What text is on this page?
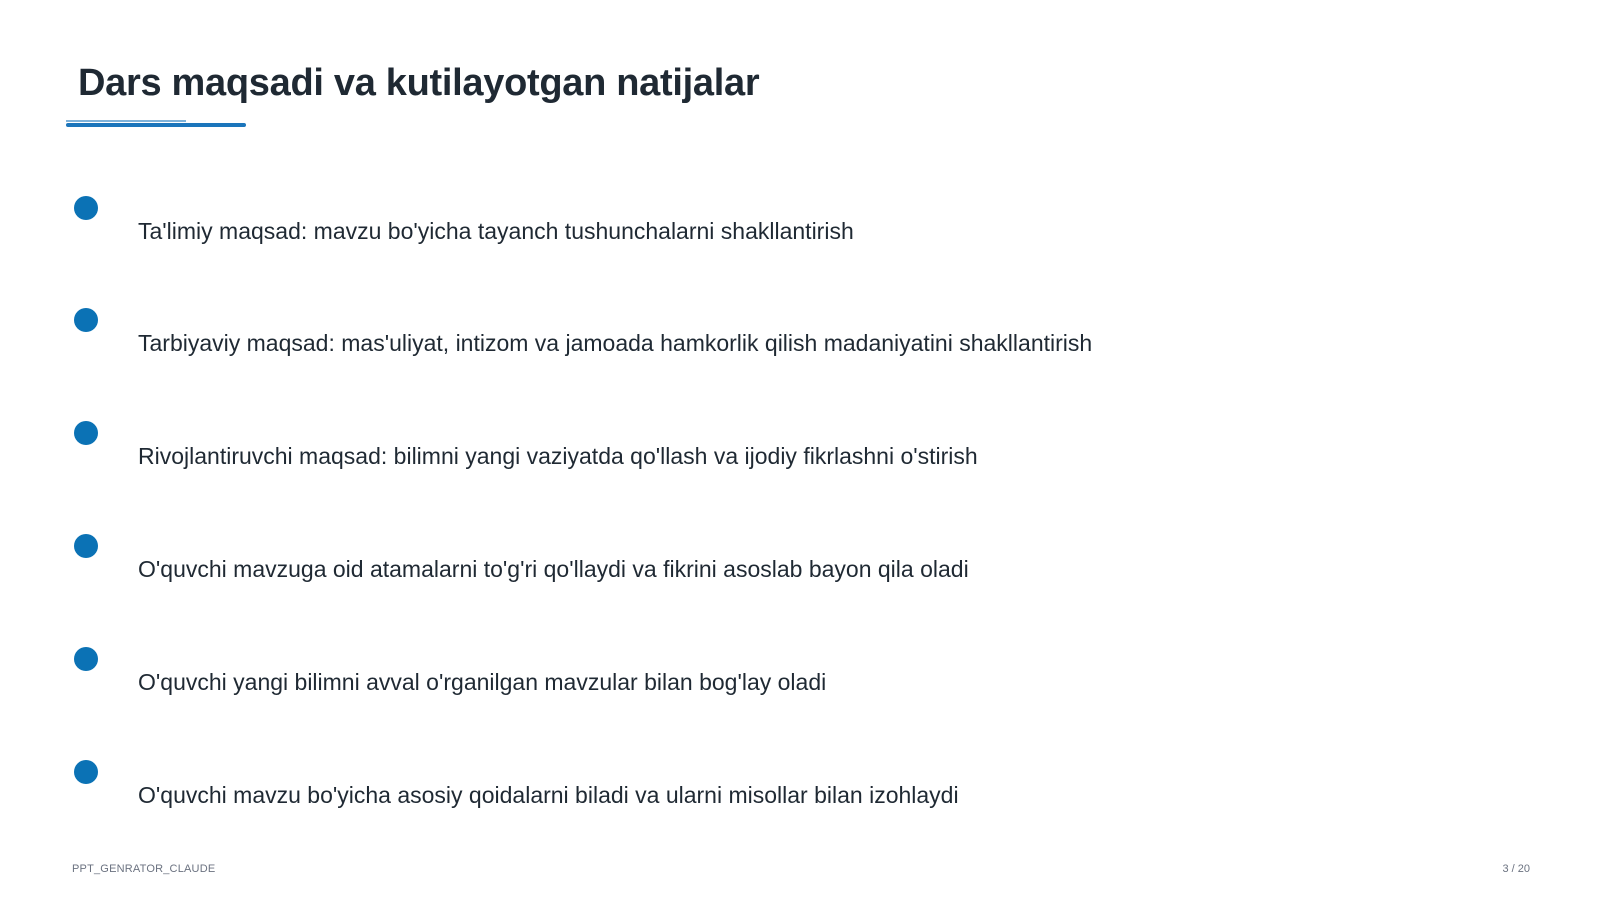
Dars maqsadi va kutilayotgan natijalar
Ta'limiy maqsad: mavzu bo'yicha tayanch tushunchalarni shakllantirish
Tarbiyaviy maqsad: mas'uliyat, intizom va jamoada hamkorlik qilish madaniyatini shakllantirish
Rivojlantiruvchi maqsad: bilimni yangi vaziyatda qo'llash va ijodiy fikrlashni o'stirish
O'quvchi mavzuga oid atamalarni to'g'ri qo'llaydi va fikrini asoslab bayon qila oladi
O'quvchi yangi bilimni avval o'rganilgan mavzular bilan bog'lay oladi
O'quvchi mavzu bo'yicha asosiy qoidalarni biladi va ularni misollar bilan izohlaydi
PPT_GENRATOR_CLAUDE	3 / 20
